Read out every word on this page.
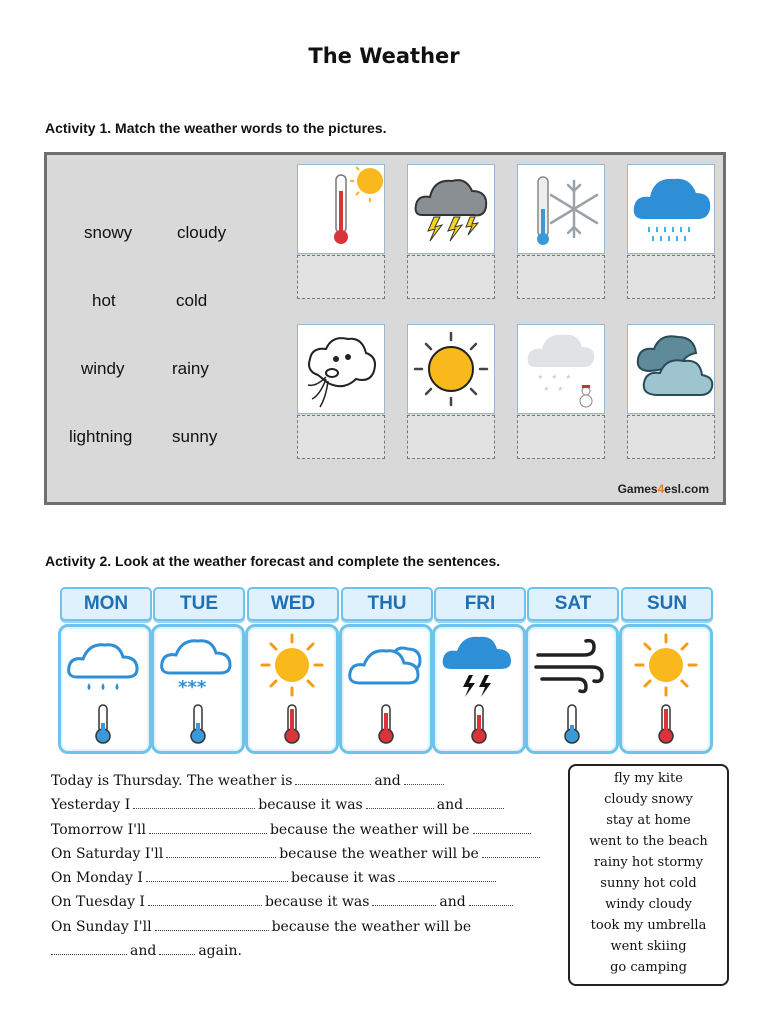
The Weather
Activity 1. Match the weather words to the pictures.
snowy	cloudy
hot	cold
windy	rainy
lightning sunny
* * *
* *
Games4esl.com
Activity 2. Look at the weather forecast and complete the sentences.
MON	TUE	WED	THU	FRI	SAT	SUN
***
Today is Thursday. The weather is	and
Yesterday I	because it was	and
Tomorrow I'll	because the weather will be
On Saturday I'll	because the weather will be
On Monday I	because it was
On Tuesday I	because it was	and
On Sunday I'll	because the weather will be
and	again.
fly my kite
cloudy snowy
stay at home
went to the beach
rainy hot stormy
sunny hot cold
windy cloudy
took my umbrella
went skiing
go camping
